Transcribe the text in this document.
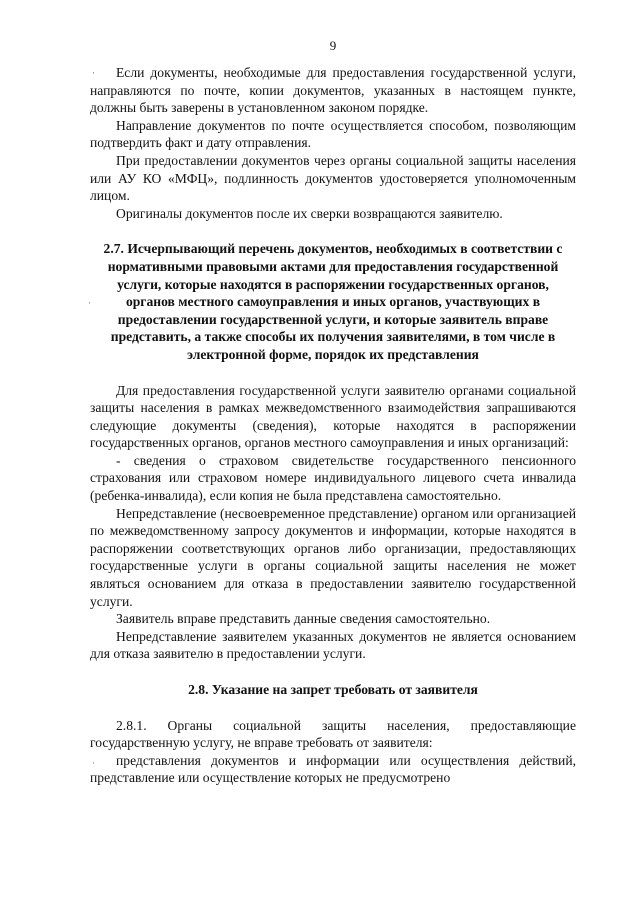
9

Если документы, необходимые для предоставления государственной услуги, направляются по почте, копии документов, указанных в настоящем пункте, должны быть заверены в установленном законом порядке.

Направление документов по почте осуществляется способом, позволяющим подтвердить факт и дату отправления.

При предоставлении документов через органы социальной защиты населения или АУ КО «МФЦ», подлинность документов удостоверяется уполномоченным лицом.

Оригиналы документов после их сверки возвращаются заявителю.

2.7. Исчерпывающий перечень документов, необходимых в соответствии с нормативными правовыми актами для предоставления государственной услуги, которые находятся в распоряжении государственных органов, органов местного самоуправления и иных органов, участвующих в предоставлении государственной услуги, и которые заявитель вправе представить, а также способы их получения заявителями, в том числе в электронной форме, порядок их представления

Для предоставления государственной услуги заявителю органами социальной защиты населения в рамках межведомственного взаимодействия запрашиваются следующие документы (сведения), которые находятся в распоряжении государственных органов, органов местного самоуправления и иных организаций:

- сведения о страховом свидетельстве государственного пенсионного страхования или страховом номере индивидуального лицевого счета инвалида (ребенка-инвалида), если копия не была представлена самостоятельно.

Непредставление (несвоевременное представление) органом или организацией по межведомственному запросу документов и информации, которые находятся в распоряжении соответствующих органов либо организации, предоставляющих государственные услуги в органы социальной защиты населения не может являться основанием для отказа в предоставлении заявителю государственной услуги.

Заявитель вправе представить данные сведения самостоятельно.

Непредставление заявителем указанных документов не является основанием для отказа заявителю в предоставлении услуги.

2.8. Указание на запрет требовать от заявителя

2.8.1. Органы социальной защиты населения, предоставляющие государственную услугу, не вправе требовать от заявителя:

представления документов и информации или осуществления действий, представление или осуществление которых не предусмотрено

·
·
·
